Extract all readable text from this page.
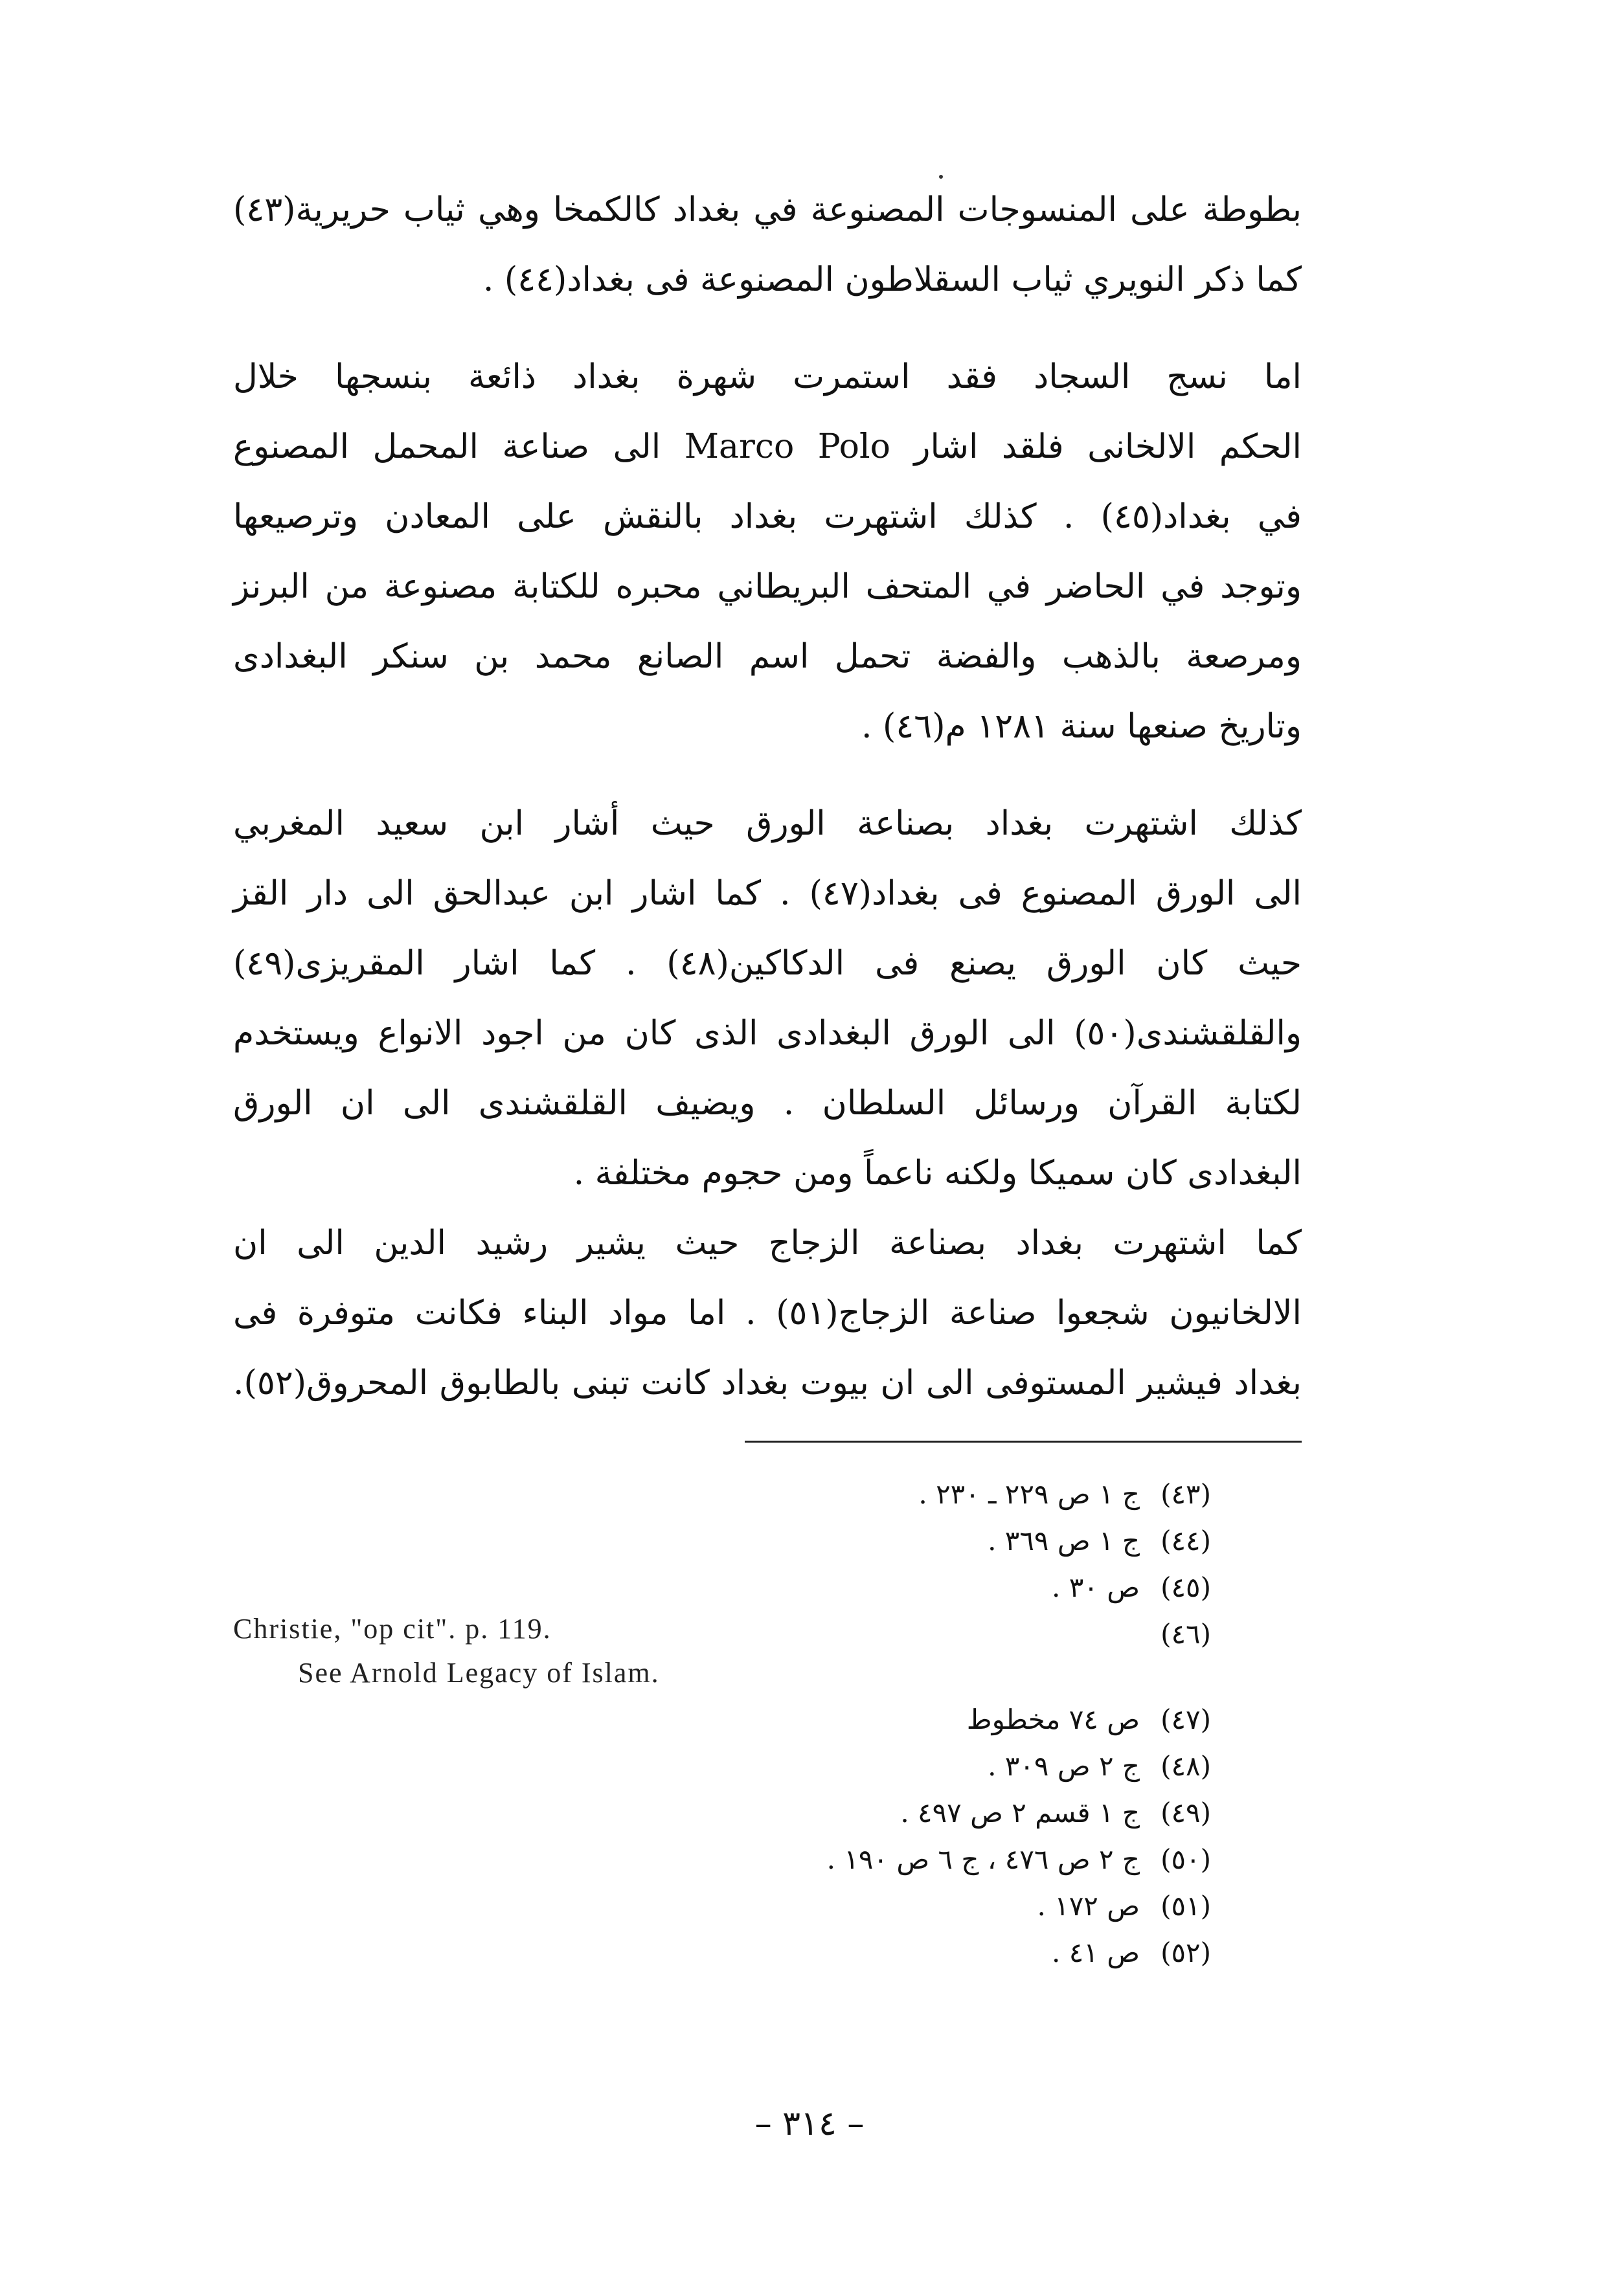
بطوطة على المنسوجات المصنوعة في بغداد كالكمخا وهي ثياب حريرية(٤٣)
كما ذكر النويري ثياب السقلاطون المصنوعة فى بغداد(٤٤) .

اما نسج السجاد فقد استمرت شهرة بغداد ذائعة بنسجها خلال
الحكم الالخانى فلقد اشار Marco Polo الى صناعة المحمل المصنوع
في بغداد(٤٥) . كذلك اشتهرت بغداد بالنقش على المعادن وترصيعها
وتوجد في الحاضر في المتحف البريطاني محبره للكتابة مصنوعة من البرنز
ومرصعة بالذهب والفضة تحمل اسم الصانع محمد بن سنكر البغدادى
وتاريخ صنعها سنة ١٢٨١ م(٤٦) .

كذلك اشتهرت بغداد بصناعة الورق حيث أشار ابن سعيد المغربي
الى الورق المصنوع فى بغداد(٤٧) . كما اشار ابن عبدالحق الى دار القز
حيث كان الورق يصنع فى الدكاكين(٤٨) . كما اشار المقريزى(٤٩)
والقلقشندى(٥٠) الى الورق البغدادى الذى كان من اجود الانواع ويستخدم
لكتابة القرآن ورسائل السلطان . ويضيف القلقشندى الى ان الورق
البغدادى كان سميكا ولكنه ناعماً ومن حجوم مختلفة .

كما اشتهرت بغداد بصناعة الزجاج حيث يشير رشيد الدين الى ان
الالخانيون شجعوا صناعة الزجاج(٥١) . اما مواد البناء فكانت متوفرة فى
بغداد فيشير المستوفى الى ان بيوت بغداد كانت تبنى بالطابوق المحروق(٥٢).

(٤٣)ج ١ ص ٢٢٩ ـ ٢٣٠ .
(٤٤)ج ١ ص ٣٦٩ .
(٤٥)ص ٣٠ .
(٤٦)
(٤٧)ص ٧٤ مخطوط
(٤٨)ج ٢ ص ٣٠٩ .
(٤٩)ج ١ قسم ٢ ص ٤٩٧ .
(٥٠)ج ٢ ص ٤٧٦ ، ج ٦ ص ١٩٠ .
(٥١)ص ١٧٢ .
(٥٢)ص ٤١ .
Christie, "op cit". p. 119.
See Arnold Legacy of Islam.
– ٣١٤ –
